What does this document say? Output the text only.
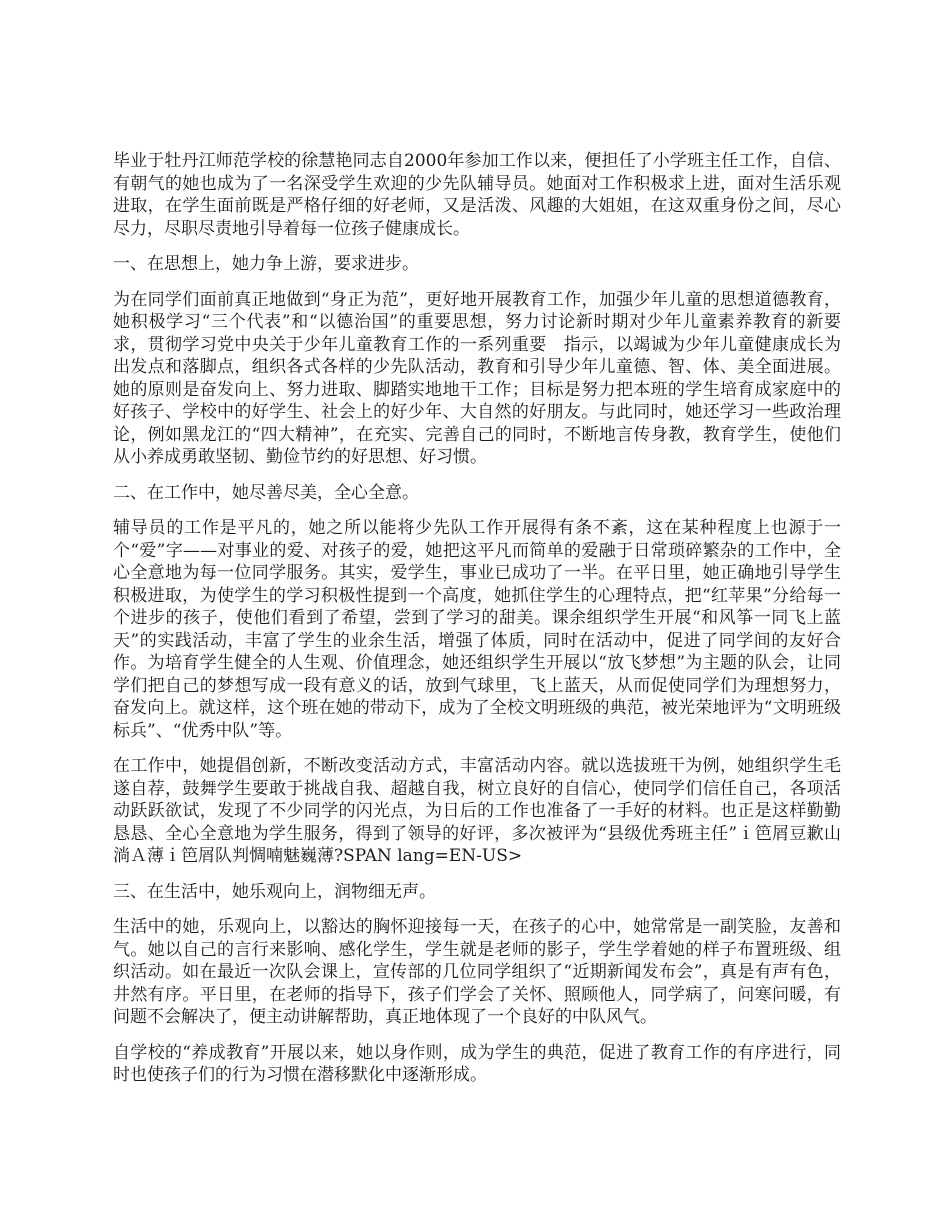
毕业于牡丹江师范学校的徐慧艳同志自2000年参加工作以来，便担任了小学班主任工作，自信、有朝气的她也成为了一名深受学生欢迎的少先队辅导员。她面对工作积极求上进，面对生活乐观进取，在学生面前既是严格仔细的好老师，又是活泼、风趣的大姐姐，在这双重身份之间，尽心尽力，尽职尽责地引导着每一位孩子健康成长。

一、在思想上，她力争上游，要求进步。

为在同学们面前真正地做到“身正为范”，更好地开展教育工作，加强少年儿童的思想道德教育，她积极学习“三个代表”和“以德治国”的重要思想，努力讨论新时期对少年儿童素养教育的新要求，贯彻学习党中央关于少年儿童教育工作的一系列重要　指示，以竭诚为少年儿童健康成长为出发点和落脚点，组织各式各样的少先队活动，教育和引导少年儿童德、智、体、美全面进展。她的原则是奋发向上、努力进取、脚踏实地地干工作；目标是努力把本班的学生培育成家庭中的好孩子、学校中的好学生、社会上的好少年、大自然的好朋友。与此同时，她还学习一些政治理论，例如黑龙江的“四大精神”，在充实、完善自己的同时，不断地言传身教，教育学生，使他们从小养成勇敢坚韧、勤俭节约的好思想、好习惯。

二、在工作中，她尽善尽美，全心全意。

辅导员的工作是平凡的，她之所以能将少先队工作开展得有条不紊，这在某种程度上也源于一个“爱”字——对事业的爱、对孩子的爱，她把这平凡而简单的爱融于日常琐碎繁杂的工作中，全心全意地为每一位同学服务。其实，爱学生，事业已成功了一半。在平日里，她正确地引导学生积极进取，为使学生的学习积极性提到一个高度，她抓住学生的心理特点，把“红苹果”分给每一个进步的孩子，使他们看到了希望，尝到了学习的甜美。课余组织学生开展“和风筝一同飞上蓝天”的实践活动，丰富了学生的业余生活，增强了体质，同时在活动中，促进了同学间的友好合作。为培育学生健全的人生观、价值理念，她还组织学生开展以“放飞梦想”为主题的队会，让同学们把自己的梦想写成一段有意义的话，放到气球里，飞上蓝天，从而促使同学们为理想努力，奋发向上。就这样，这个班在她的带动下，成为了全校文明班级的典范，被光荣地评为“文明班级标兵”、“优秀中队”等。

在工作中，她提倡创新，不断改变活动方式，丰富活动内容。就以选拔班干为例，她组织学生毛遂自荐，鼓舞学生要敢于挑战自我、超越自我，树立良好的自信心，使同学们信任自己，各项活动跃跃欲试，发现了不少同学的闪光点，为日后的工作也准备了一手好的材料。也正是这样勤勤恳恳、全心全意地为学生服务，得到了领导的好评，多次被评为“县级优秀班主任”ｉ笆屑豆歉山淌Ａ薄ｉ笆屑队判惆喃魅巍薄?SPAN lang=EN-US>

三、在生活中，她乐观向上，润物细无声。

生活中的她，乐观向上，以豁达的胸怀迎接每一天，在孩子的心中，她常常是一副笑脸，友善和气。她以自己的言行来影响、感化学生，学生就是老师的影子，学生学着她的样子布置班级、组织活动。如在最近一次队会课上，宣传部的几位同学组织了“近期新闻发布会”，真是有声有色，井然有序。平日里，在老师的指导下，孩子们学会了关怀、照顾他人，同学病了，问寒问暖，有问题不会解决了，便主动讲解帮助，真正地体现了一个良好的中队风气。

自学校的“养成教育”开展以来，她以身作则，成为学生的典范，促进了教育工作的有序进行，同时也使孩子们的行为习惯在潜移默化中逐渐形成。
